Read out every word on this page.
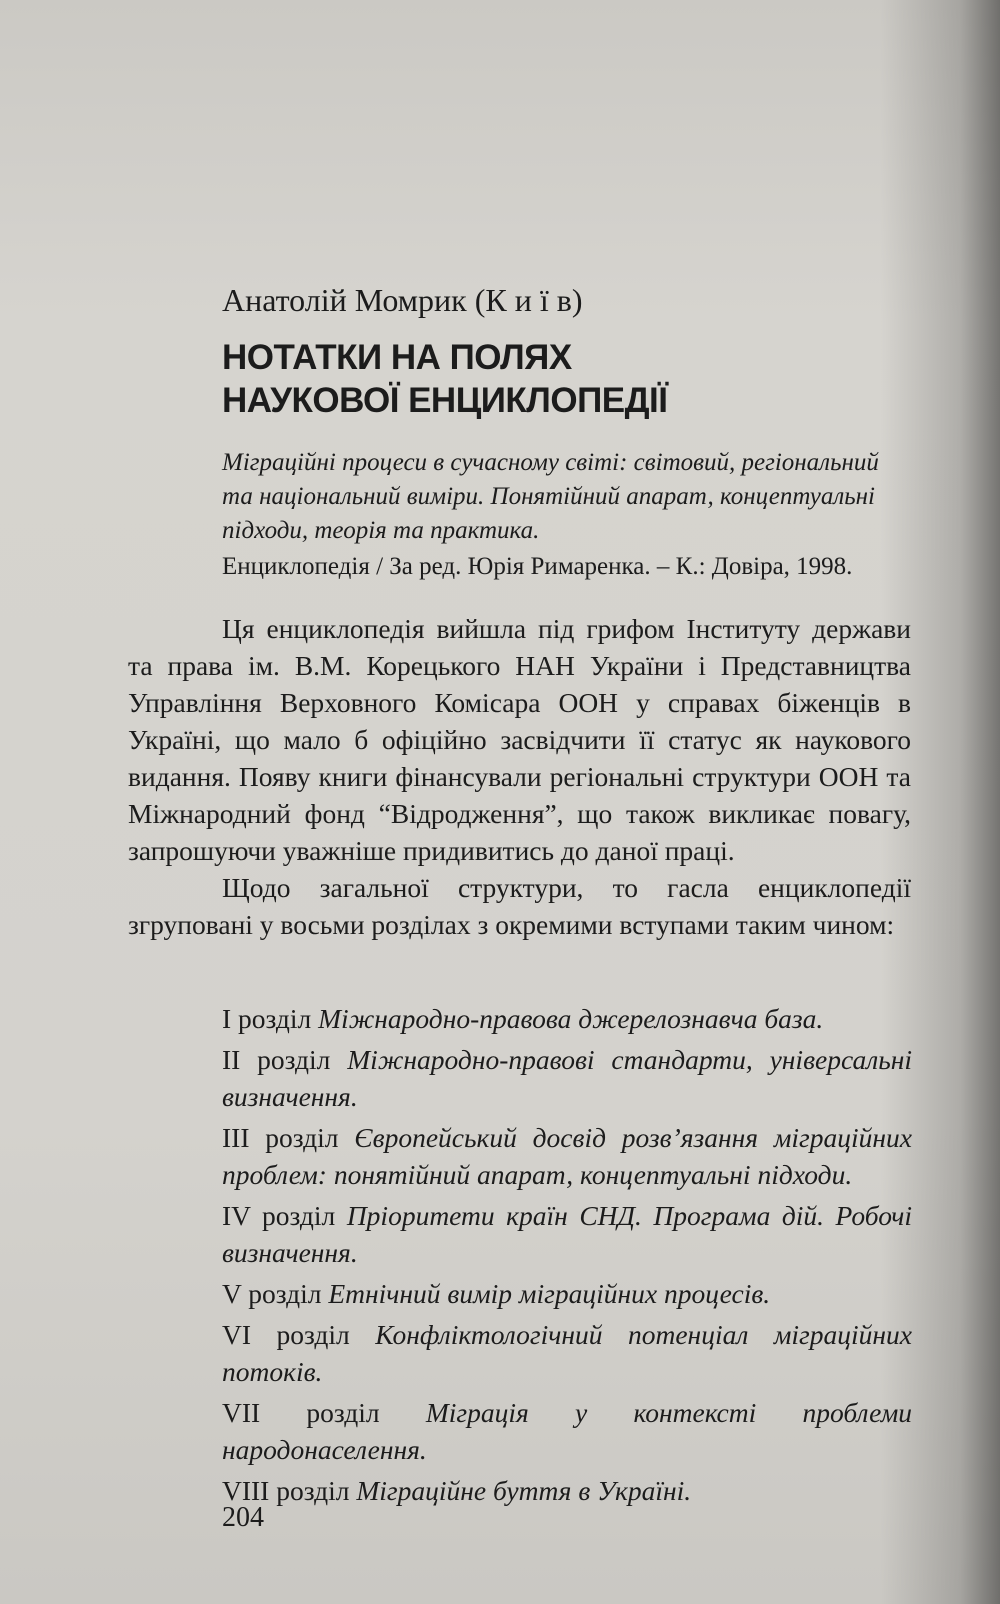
Анатолій Момрик (К и ї в)

НОТАТКИ НА ПОЛЯХ
НАУКОВОЇ ЕНЦИКЛОПЕДІЇ

Міграційні процеси в сучасному світі: світовий, регіональний та національний виміри. Понятійний апарат, концептуальні підходи, теорія та практика.

Енциклопедія / За ред. Юрія Римаренка. – К.: Довіра, 1998.

Ця енциклопедія вийшла під грифом Інституту держави та права ім. В.М. Корецького НАН України і Представництва Управління Верховного Комісара ООН у справах біженців в Україні, що мало б офіційно засвідчити її статус як наукового видання. Появу книги фінансували регіональні структури ООН та Міжнародний фонд “Відродження”, що також викликає повагу, запрошуючи уважніше придивитись до даної праці.

Щодо загальної структури, то гасла енциклопедії згруповані у восьми розділах з окремими вступами таким чином:

I розділ Міжнародно-правова джерелознавча база.
II розділ Міжнародно-правові стандарти, універсальні визначення.
III розділ Європейський досвід розв’язання міграційних проблем: понятійний апарат, концептуальні підходи.
IV розділ Пріоритети країн СНД. Програма дій. Робочі визначення.
V розділ Етнічний вимір міграційних процесів.
VI розділ Конфліктологічний потенціал міграційних потоків.
VII розділ Міграція у контексті проблеми народонаселення.
VIII розділ Міграційне буття в Україні.
204
